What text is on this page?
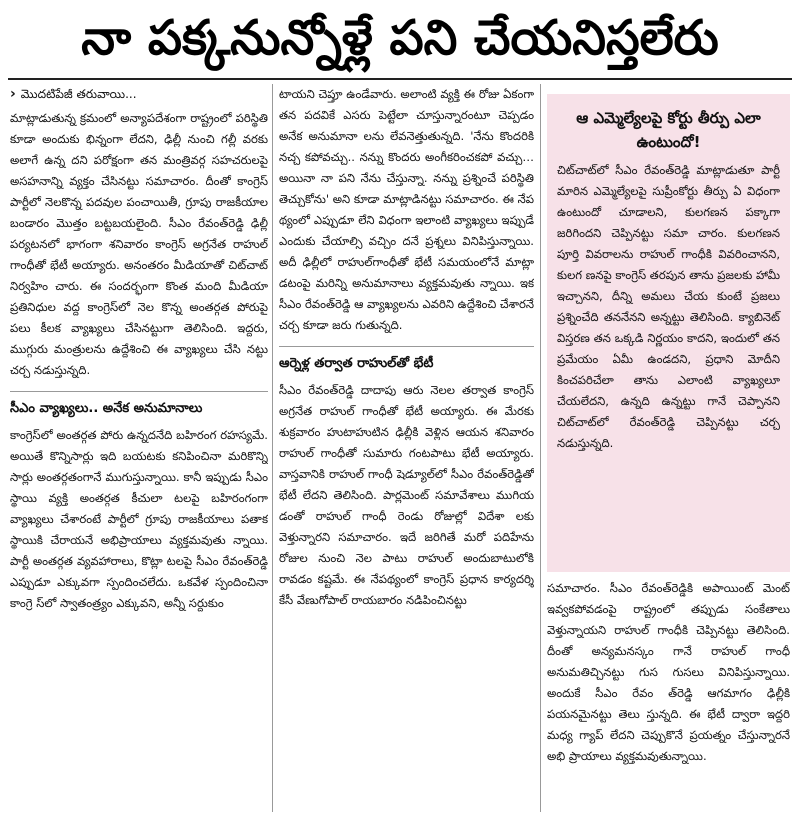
నా పక్కనున్నోళ్లే పని చేయనిస్తలేరు
› మొదటిపేజీ తరువాయి...

మాట్లాడుతున్న క్రమంలో అన్యాపదేశంగా రాష్ట్రంలో పరిస్థితి కూడా అందుకు భిన్నంగా లేదని, ఢిల్లీ నుంచి గల్లీ వరకు అలాగే ఉన్న దని పరోక్షంగా తన మంత్రివర్గ సహచరులపై అసహనాన్ని వ్యక్తం చేసినట్టు సమాచారం. దీంతో కాంగ్రెస్ పార్టీలో నెలకొన్న పదవుల పంచాయితీ, గ్రూపు రాజకీయాల బండారం మొత్తం బట్టబయలైంది. సీఎం రేవంత్‌రెడ్డి ఢిల్లీ పర్యటనలో భాగంగా శనివారం కాంగ్రెస్ అగ్రనేత రాహుల్ గాంధీతో భేటీ అయ్యారు. అనంతరం మీడియాతో చిట్‌చాట్ నిర్వహిం చారు. ఈ సందర్భంగా కొంత మంది మీడియా ప్రతినిధుల వద్ద కాంగ్రెస్‌లో నెల కొన్న అంతర్గత పోరుపై పలు కీలక వ్యాఖ్యలు చేసినట్టుగా తెలిసింది. ఇద్దరు, ముగ్గురు మంత్రులను ఉద్దేశించి ఈ వ్యాఖ్యలు చేసి నట్టు చర్చ నడుస్తున్నది.

సీఎం వ్యాఖ్యలు.. అనేక అనుమానాలు

కాంగ్రెస్‌లో అంతర్గత పోరు ఉన్నదనేది బహిరంగ రహస్యమే. అయితే కొన్నిసార్లు ఇది బయటకు కనిపించినా మరికొన్ని సార్లు అంతర్గతంగానే ముగుస్తున్నాయి. కానీ ఇప్పుడు సీఎం స్థాయి వ్యక్తి అంతర్గత కీచులా టలపై బహిరంగంగా వ్యాఖ్యలు చేశారంటే పార్టీలో గ్రూపు రాజకీయాలు పతాక స్థాయికి చేరాయనే అభిప్రాయాలు వ్యక్తమవుతు న్నాయి. పార్టీ అంతర్గత వ్యవహారాలు, కొట్లా టలపై సీఎం రేవంత్‌రెడ్డి ఎప్పుడూ ఎక్కువగా స్పందించలేదు. ఒకవేళ స్పందించినా కాంగ్రె స్‌లో స్వాతంత్ర్యం ఎక్కువని, అన్నీ సర్దుకుం

టాయని చెప్తూ ఉండేవారు. అలాంటి వ్యక్తి ఈ రోజు ఏకంగా తన పదవికే ఎసరు పెట్టేలా చూస్తున్నారంటూ చెప్పడం అనేక అనుమానా లను లేవనెత్తుతున్నది. 'నేను కొందరికి నచ్చ కపోవచ్చు.. నన్ను కొందరు అంగీకరించకపో వచ్చు… అయినా నా పని నేను చేస్తున్నా. నన్ను ప్రశ్నించే పరిస్థితి తెచ్చుకోను' అని కూడా మాట్లాడినట్టు సమాచారం. ఈ నేప థ్యంలో ఎప్పుడూ లేని విధంగా ఇలాంటి వ్యాఖ్యలు ఇప్పుడే ఎందుకు చేయాల్సి వచ్చిం దనే ప్రశ్నలు వినిపిస్తున్నాయి. అదీ ఢిల్లీలో రాహుల్‌గాంధీతో భేటీ సమయంలోనే మాట్లా డటంపై మరిన్ని అనుమానాలు వ్యక్తమవుతు న్నాయి. ఇక సీఎం రేవంత్‌రెడ్డి ఆ వ్యాఖ్యలను ఎవరిని ఉద్దేశించి చేశారనే చర్చ కూడా జరు గుతున్నది.

ఆర్నెళ్ల తర్వాత రాహుల్‌తో భేటీ

సీఎం రేవంత్‌రెడ్డి దాదాపు ఆరు నెలల తర్వాత కాంగ్రెస్ అగ్రనేత రాహుల్ గాంధీతో భేటీ అయ్యారు. ఈ మేరకు శుక్రవారం హుటాహుటిన ఢిల్లీకి వెళ్లిన ఆయన శనివారం రాహుల్ గాంధీతో సుమారు గంటపాటు భేటీ అయ్యారు. వాస్తవానికి రాహుల్ గాంధీ షెడ్యూల్‌లో సీఎం రేవంత్‌రెడ్డితో భేటీ లేదని తెలిసింది. పార్లమెంట్ సమావేశాలు ముగియ డంతో రాహుల్ గాంధీ రెండు రోజుల్లో విదేశా లకు వెళ్తున్నారని సమాచారం. ఇదే జరిగితే మరో పదిహేను రోజుల నుంచి నెల పాటు రాహుల్ అందుబాటులోకి రావడం కష్టమే. ఈ నేపథ్యంలో కాంగ్రెస్ ప్రధాన కార్యదర్శి కేసీ వేణుగోపాల్ రాయబారం నడిపించినట్టు

ఆ ఎమ్మెల్యేలపై కోర్టు తీర్పు ఎలా ఉంటుందో!
చిట్‌చాట్‌లో సీఎం రేవంత్‌రెడ్డి మాట్లాడుతూ పార్టీ మారిన ఎమ్మెల్యేలపై సుప్రీంకోర్టు తీర్పు ఏ విధంగా ఉంటుందో చూడాలని, కులగణన పక్కాగా జరిగిందని చెప్పినట్టు సమా చారం. కులగణన పూర్తి వివరాలను రాహుల్ గాంధీకి వివరించానని, కులగ ణనపై కాంగ్రెస్ తరపున తాను ప్రజలకు హామీ ఇచ్చానని, దీన్ని అమలు చేయ కుంటే ప్రజలు ప్రశ్నించేది తననేనని అన్నట్టు తెలిసింది. క్యాబినెట్ విస్తరణ తన ఒక్కడి నిర్ణయం కాదని, ఇందులో తన ప్రమేయం ఏమీ ఉండదని, ప్రధాని మోదీని కించపరిచేలా తాను ఎలాంటి వ్యాఖ్యలూ చేయలేదని, ఉన్నది ఉన్నట్టు గానే చెప్పానని చిట్‌చాట్‌లో రేవంత్‌రెడ్డి చెప్పినట్టు చర్చ నడుస్తున్నది.

సమాచారం. సీఎం రేవంత్‌రెడ్డికి అపాయింట్ మెంట్ ఇవ్వకపోవడంపై రాష్ట్రంలో తప్పుడు సంకేతాలు వెళ్తున్నాయని రాహుల్ గాంధీకి చెప్పినట్టు తెలిసింది. దీంతో అన్యమనస్కం గానే రాహుల్ గాంధీ అనుమతిచ్చినట్టు గుస గుసలు వినిపిస్తున్నాయి. అందుకే సీఎం రేవం త్‌రెడ్డి ఆగమాగం ఢిల్లీకి పయనమైనట్టు తెలు స్తున్నది. ఈ భేటీ ద్వారా ఇద్దరి మధ్య గ్యాప్ లేదని చెప్పుకొనే ప్రయత్నం చేస్తున్నారనే అభి ప్రాయాలు వ్యక్తమవుతున్నాయి.
